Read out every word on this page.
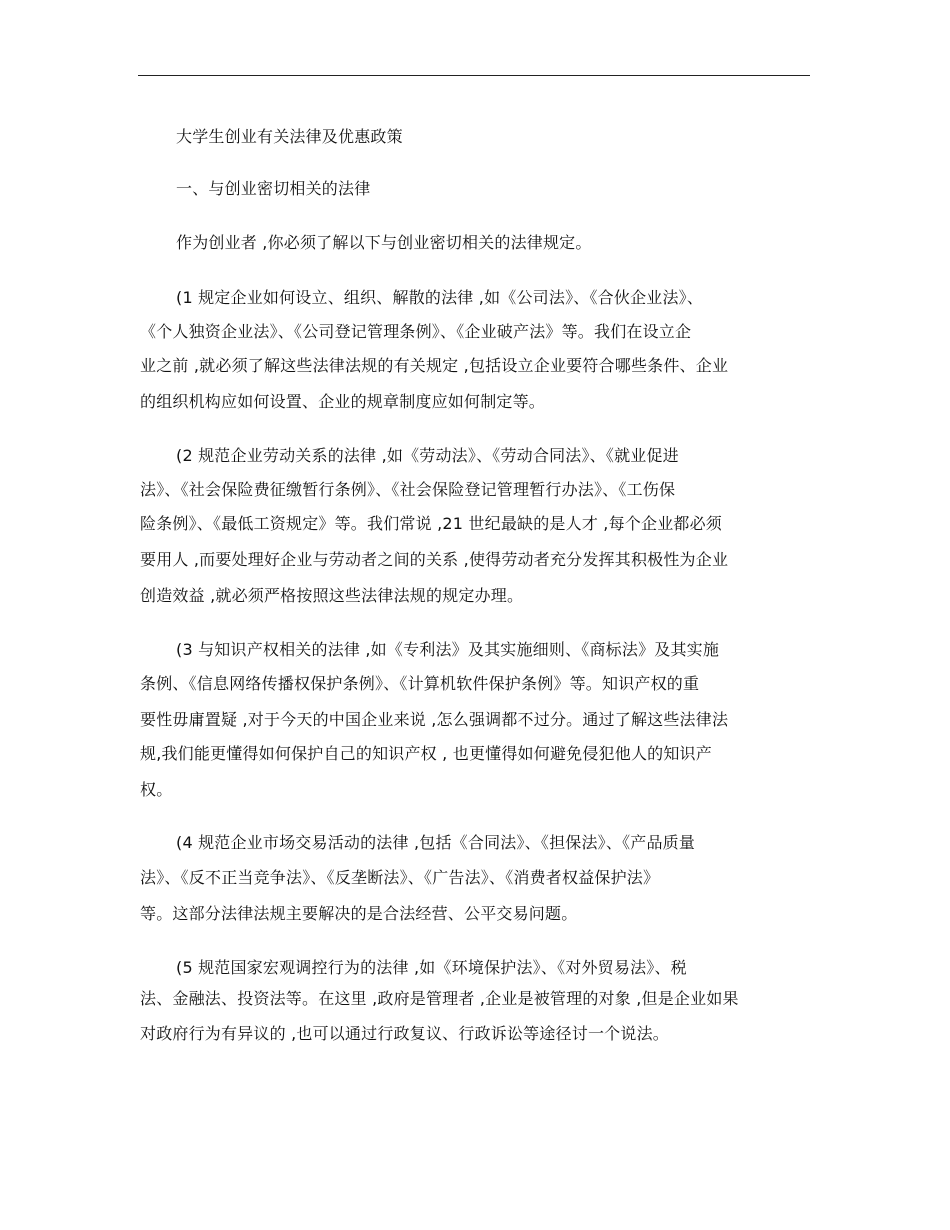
大学生创业有关法律及优惠政策
一、与创业密切相关的法律
作为创业者 ,你必须了解以下与创业密切相关的法律规定。
(1 规定企业如何设立、组织、解散的法律 ,如《公司法》、《合伙企业法》、
《个人独资企业法》、《公司登记管理条例》、《企业破产法》等。我们在设立企
业之前 ,就必须了解这些法律法规的有关规定 ,包括设立企业要符合哪些条件、企业
的组织机构应如何设置、企业的规章制度应如何制定等。
(2 规范企业劳动关系的法律 ,如《劳动法》、《劳动合同法》、《就业促进
法》、《社会保险费征缴暂行条例》、《社会保险登记管理暂行办法》、《工伤保
险条例》、《最低工资规定》等。我们常说 ,21 世纪最缺的是人才 ,每个企业都必须
要用人 ,而要处理好企业与劳动者之间的关系 ,使得劳动者充分发挥其积极性为企业
创造效益 ,就必须严格按照这些法律法规的规定办理。
(3 与知识产权相关的法律 ,如《专利法》及其实施细则、《商标法》及其实施
条例、《信息网络传播权保护条例》、《计算机软件保护条例》等。知识产权的重
要性毋庸置疑 ,对于今天的中国企业来说 ,怎么强调都不过分。通过了解这些法律法
规,我们能更懂得如何保护自己的知识产权 , 也更懂得如何避免侵犯他人的知识产
权。
(4 规范企业市场交易活动的法律 ,包括《合同法》、《担保法》、《产品质量
法》、《反不正当竞争法》、《反垄断法》、《广告法》、《消费者权益保护法》
等。这部分法律法规主要解决的是合法经营、公平交易问题。
(5 规范国家宏观调控行为的法律 ,如《环境保护法》、《对外贸易法》、税
法、金融法、投资法等。在这里 ,政府是管理者 ,企业是被管理的对象 ,但是企业如果
对政府行为有异议的 ,也可以通过行政复议、行政诉讼等途径讨一个说法。
